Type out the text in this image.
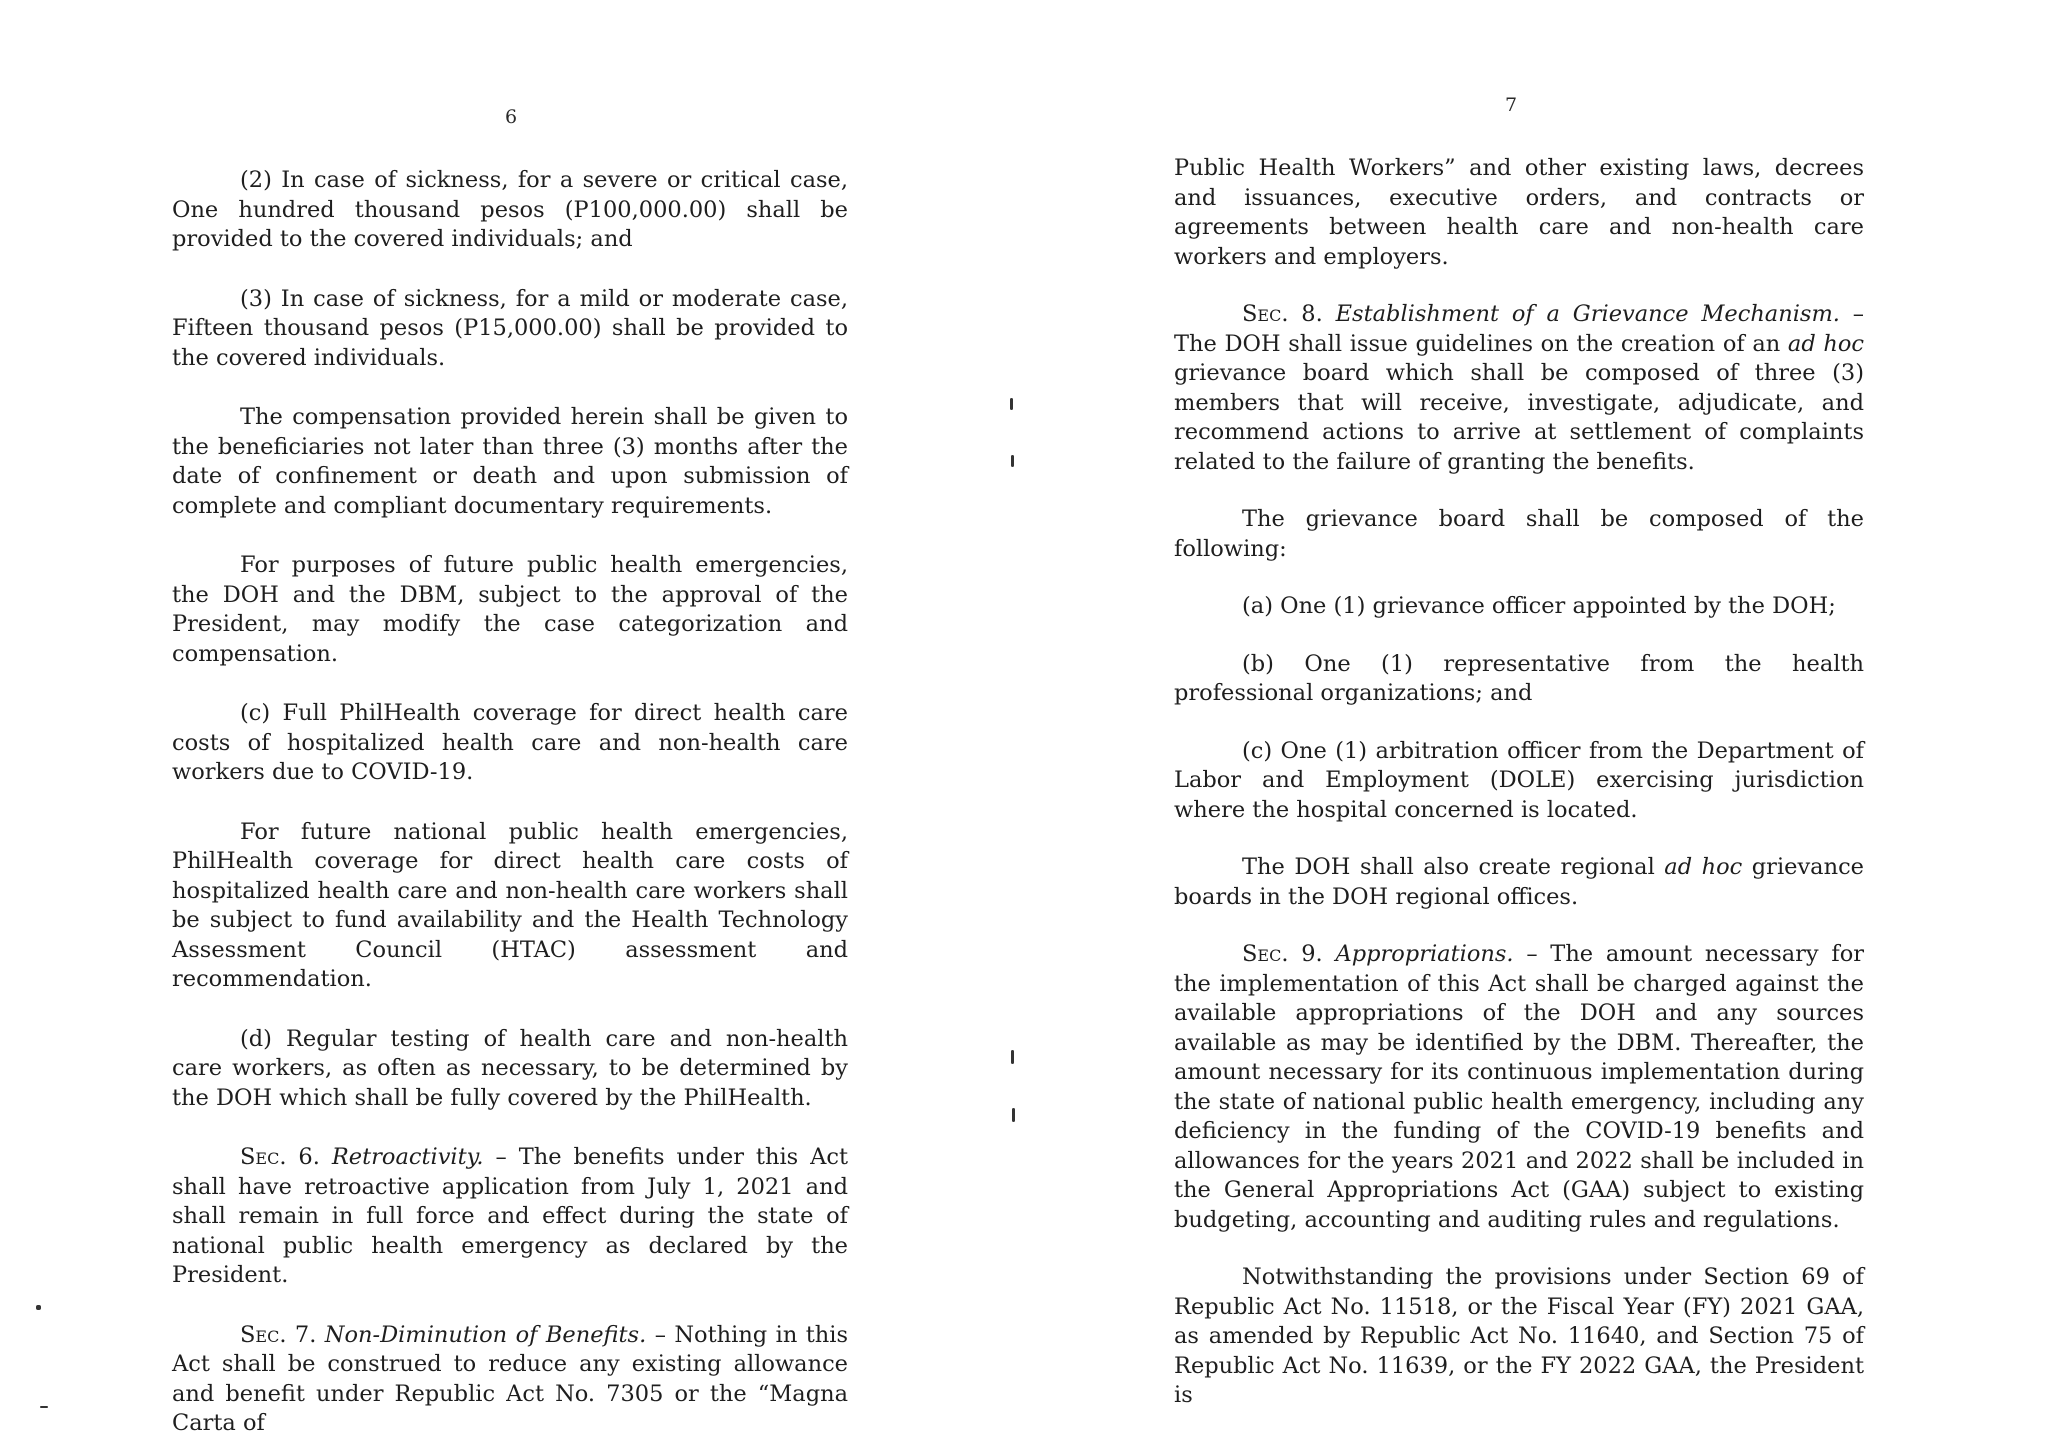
6

(2) In case of sickness, for a severe or critical case, One hundred thousand pesos (P100,000.00) shall be provided to the covered individuals; and

(3) In case of sickness, for a mild or moderate case, Fifteen thousand pesos (P15,000.00) shall be provided to the covered individuals.

The compensation provided herein shall be given to the beneficiaries not later than three (3) months after the date of confinement or death and upon submission of complete and compliant documentary requirements.

For purposes of future public health emergencies, the DOH and the DBM, subject to the approval of the President, may modify the case categorization and compensation.

(c) Full PhilHealth coverage for direct health care costs of hospitalized health care and non-health care workers due to COVID-19.

For future national public health emergencies, PhilHealth coverage for direct health care costs of hospitalized health care and non-health care workers shall be subject to fund availability and the Health Technology Assessment Council (HTAC) assessment and recommendation.

(d) Regular testing of health care and non-health care workers, as often as necessary, to be determined by the DOH which shall be fully covered by the PhilHealth.

Sec. 6. Retroactivity. – The benefits under this Act shall have retroactive application from July 1, 2021 and shall remain in full force and effect during the state of national public health emergency as declared by the President.

Sec. 7. Non-Diminution of Benefits. – Nothing in this Act shall be construed to reduce any existing allowance and benefit under Republic Act No. 7305 or the “Magna Carta of

7

Public Health Workers” and other existing laws, decrees and issuances, executive orders, and contracts or agreements between health care and non-health care workers and employers.

Sec. 8. Establishment of a Grievance Mechanism. – The DOH shall issue guidelines on the creation of an ad hoc grievance board which shall be composed of three (3) members that will receive, investigate, adjudicate, and recommend actions to arrive at settlement of complaints related to the failure of granting the benefits.

The grievance board shall be composed of the following:

(a) One (1) grievance officer appointed by the DOH;

(b) One (1) representative from the health professional organizations; and

(c) One (1) arbitration officer from the Department of Labor and Employment (DOLE) exercising jurisdiction where the hospital concerned is located.

The DOH shall also create regional ad hoc grievance boards in the DOH regional offices.

Sec. 9. Appropriations. – The amount necessary for the implementation of this Act shall be charged against the available appropriations of the DOH and any sources available as may be identified by the DBM. Thereafter, the amount necessary for its continuous implementation during the state of national public health emergency, including any deficiency in the funding of the COVID-19 benefits and allowances for the years 2021 and 2022 shall be included in the General Appropriations Act (GAA) subject to existing budgeting, accounting and auditing rules and regulations.

Notwithstanding the provisions under Section 69 of Republic Act No. 11518, or the Fiscal Year (FY) 2021 GAA, as amended by Republic Act No. 11640, and Section 75 of Republic Act No. 11639, or the FY 2022 GAA, the President is
